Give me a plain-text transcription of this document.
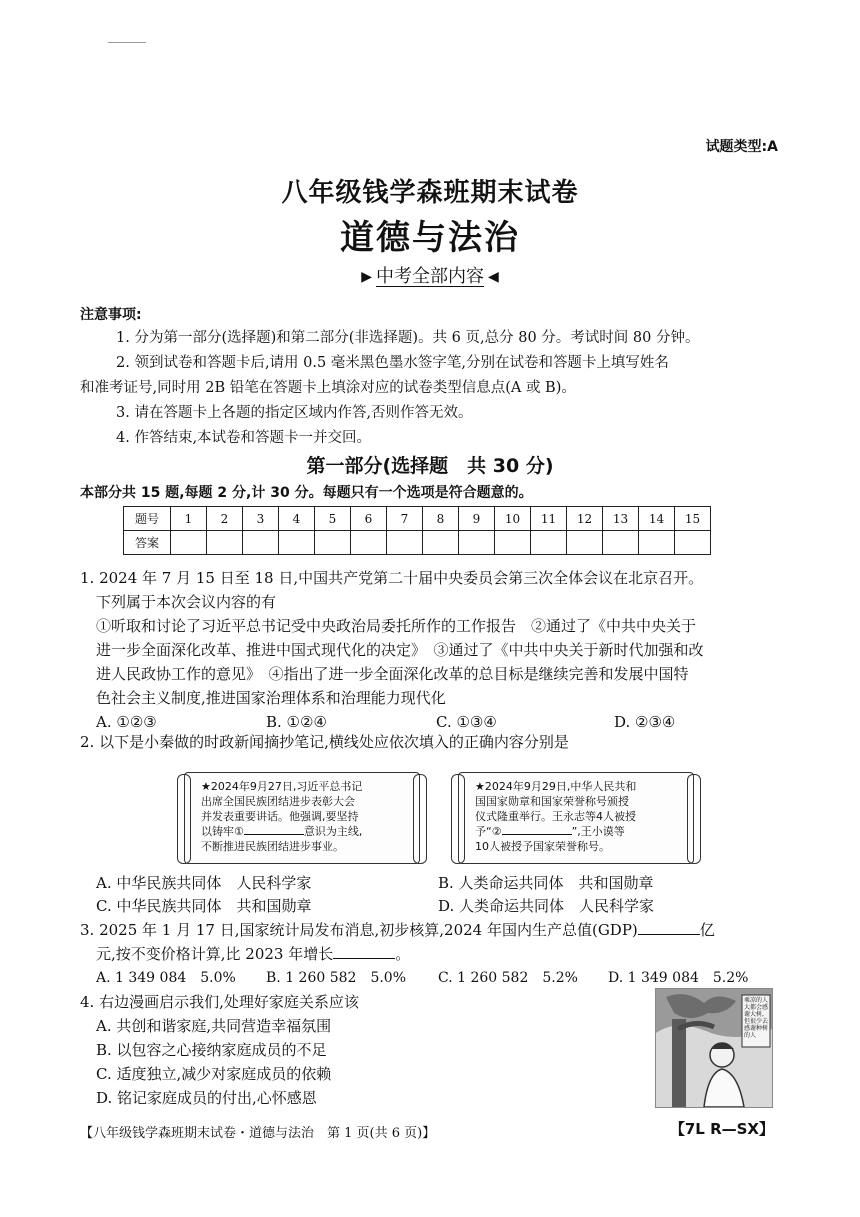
试题类型:A
八年级钱学森班期末试卷
道德与法治
▶ 中考全部内容 ◀
注意事项:

1. 分为第一部分(选择题)和第二部分(非选择题)。共 6 页,总分 80 分。考试时间 80 分钟。

2. 领到试卷和答题卡后,请用 0.5 毫米黑色墨水签字笔,分别在试卷和答题卡上填写姓名

和准考证号,同时用 2B 铅笔在答题卡上填涂对应的试卷类型信息点(A 或 B)。

3. 请在答题卡上各题的指定区域内作答,否则作答无效。

4. 作答结束,本试卷和答题卡一并交回。

第一部分(选择题　共 30 分)
本部分共 15 题,每题 2 分,计 30 分。每题只有一个选项是符合题意的。
题号	1	2	3	4	5	6	7	8	9	10	11	12	13	14	15
答案															

1. 2024 年 7 月 15 日至 18 日,中国共产党第二十届中央委员会第三次全体会议在北京召开。

下列属于本次会议内容的有

①听取和讨论了习近平总书记受中央政治局委托所作的工作报告　②通过了《中共中央关于

进一步全面深化改革、推进中国式现代化的决定》　③通过了《中共中央关于新时代加强和改

进人民政协工作的意见》　④指出了进一步全面深化改革的总目标是继续完善和发展中国特

色社会主义制度,推进国家治理体系和治理能力现代化

A. ①②③	B. ①②④	C. ①③④	D. ②③④
2. 以下是小秦做的时政新闻摘抄笔记,横线处应依次填入的正确内容分别是
★2024年9月27日,习近平总书记
出席全国民族团结进步表彰大会
并发表重要讲话。他强调,要坚持
以铸牢①	意识为主线,
不断推进民族团结进步事业。
★2024年9月29日,中华人民共和
国国家勋章和国家荣誉称号颁授
仪式隆重举行。王永志等4人被授
予“②	”,王小谟等
10人被授予国家荣誉称号。
A. 中华民族共同体　人民科学家	B. 人类命运共同体　共和国勋章
C. 中华民族共同体　共和国勋章	D. 人类命运共同体　人民科学家

3. 2025 年 1 月 17 日,国家统计局发布消息,初步核算,2024 年国内生产总值(GDP)	亿

元,按不变价格计算,比 2023 年增长	。

A. 1 349 084　5.0%	B. 1 260 582　5.0%	C. 1 260 582　5.2%	D. 1 349 084　5.2%

4. 右边漫画启示我们,处理好家庭关系应该

A. 共创和谐家庭,共同营造幸福氛围

B. 以包容之心接纳家庭成员的不足

C. 适度独立,减少对家庭成员的依赖

D. 铭记家庭成员的付出,心怀感恩

乘凉的人大都会感谢大树,但很少去感谢种树的人
【八年级钱学森班期末试卷・道德与法治　第 1 页(共 6 页)】	【7L R—SX】
